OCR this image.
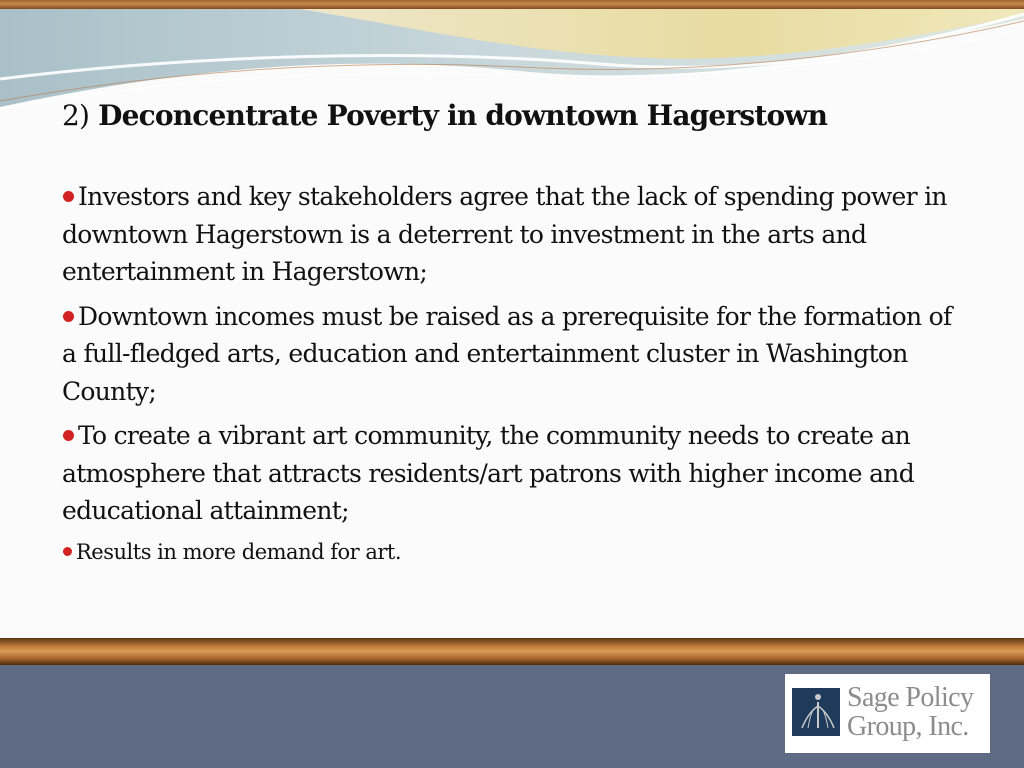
2) Deconcentrate Poverty in downtown Hagerstown
Investors and key stakeholders agree that the lack of spending power in downtown Hagerstown is a deterrent to investment in the arts and entertainment in Hagerstown;
Downtown incomes must be raised as a prerequisite for the formation of a full-fledged arts, education and entertainment cluster in Washington County;
To create a vibrant art community, the community needs to create an atmosphere that attracts residents/art patrons with higher income and educational attainment;
Results in more demand for art.
Sage Policy
Group, Inc.
